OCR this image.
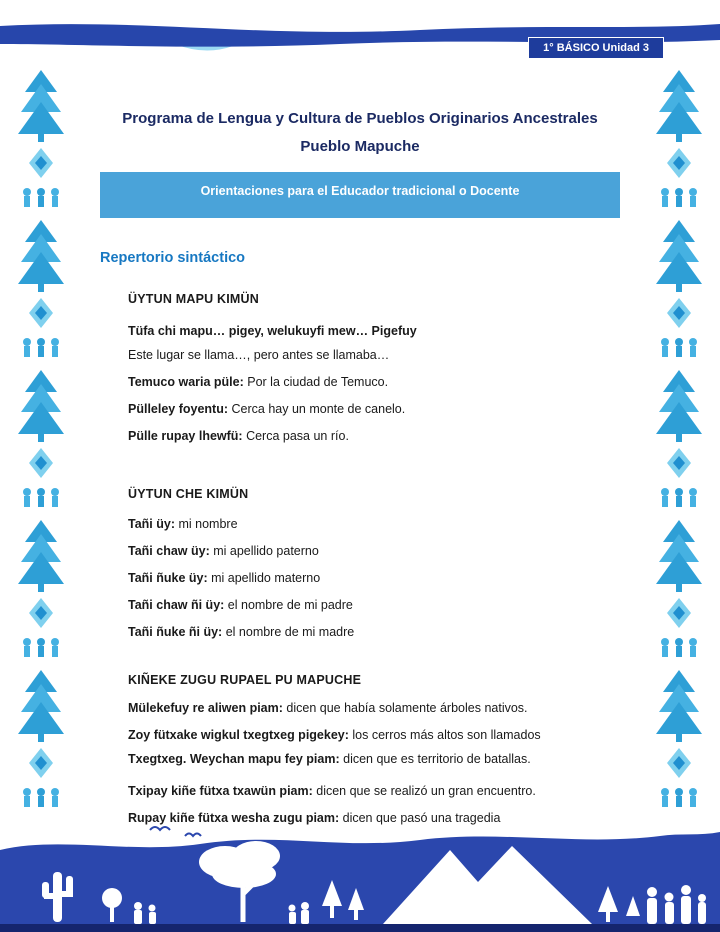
1° BÁSICO Unidad 3
Programa de Lengua y Cultura de Pueblos Originarios Ancestrales
Pueblo Mapuche
Orientaciones para el Educador tradicional o Docente
Repertorio sintáctico
ÜYTUN MAPU KIMÜN

Tüfa chi mapu… pigey, welukuyfi mew… Pigefuy

Este lugar se llama…, pero antes se llamaba…

Temuco waria püle: Por la ciudad de Temuco.

Pülleley foyentu: Cerca hay un monte de canelo.

Pülle rupay lhewfü: Cerca pasa un río.

ÜYTUN CHE KIMÜN

Tañi üy: mi nombre

Tañi chaw üy: mi apellido paterno

Tañi ñuke üy: mi apellido materno

Tañi chaw ñi üy: el nombre de mi padre

Tañi ñuke ñi üy: el nombre de mi madre

KIÑEKE ZUGU RUPAEL PU MAPUCHE

Mülekefuy re aliwen piam: dicen que había solamente árboles nativos.

Zoy fütxake wigkul txegtxeg pigekey: los cerros más altos son llamados

Txegtxeg. Weychan mapu fey piam: dicen que es territorio de batallas.

Txipay kiñe fütxa txawün piam: dicen que se realizó un gran encuentro.

Rupay kiñe fütxa wesha zugu piam: dicen que pasó una tragedia
